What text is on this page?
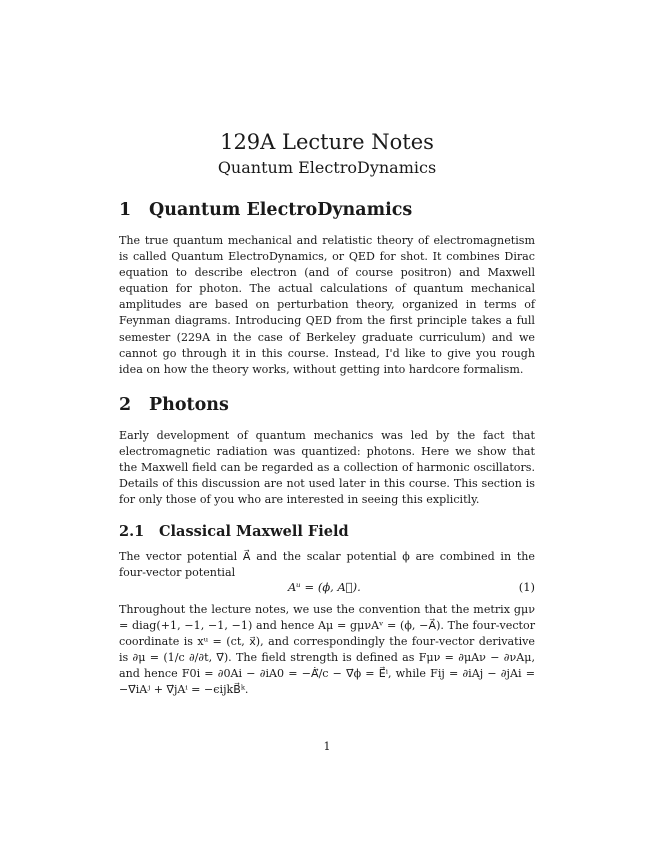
129A Lecture Notes
Quantum ElectroDynamics
1 Quantum ElectroDynamics

The true quantum mechanical and relatistic theory of electromagnetism is called Quantum ElectroDynamics, or QED for shot. It combines Dirac equation to describe electron (and of course positron) and Maxwell equation for photon. The actual calculations of quantum mechanical amplitudes are based on perturbation theory, organized in terms of Feynman diagrams. Introducing QED from the first principle takes a full semester (229A in the case of Berkeley graduate curriculum) and we cannot go through it in this course. Instead, I'd like to give you rough idea on how the theory works, without getting into hardcore formalism.

2 Photons

Early development of quantum mechanics was led by the fact that electromagnetic radiation was quantized: photons. Here we show that the Maxwell field can be regarded as a collection of harmonic oscillators. Details of this discussion are not used later in this course. This section is for only those of you who are interested in seeing this explicitly.

2.1 Classical Maxwell Field

The vector potential A⃗ and the scalar potential ϕ are combined in the four-vector potential

Aᵘ = (ϕ, A⃗).	(1)

Throughout the lecture notes, we use the convention that the metrix gμν = diag(+1, −1, −1, −1) and hence Aμ = gμνAᵛ = (ϕ, −A⃗). The four-vector coordinate is xᵘ = (ct, x⃗), and correspondingly the four-vector derivative is ∂μ = (1/c ∂/∂t, ∇⃗). The field strength is defined as Fμν = ∂μAν − ∂νAμ, and hence F0i = ∂0Ai − ∂iA0 = −Ȧ⃗/c − ∇⃗ϕ = E⃗ⁱ, while Fij = ∂iAj − ∂jAi = −∇⃗iAʲ + ∇⃗jAⁱ = −ϵijkB⃗ᵏ.

1
